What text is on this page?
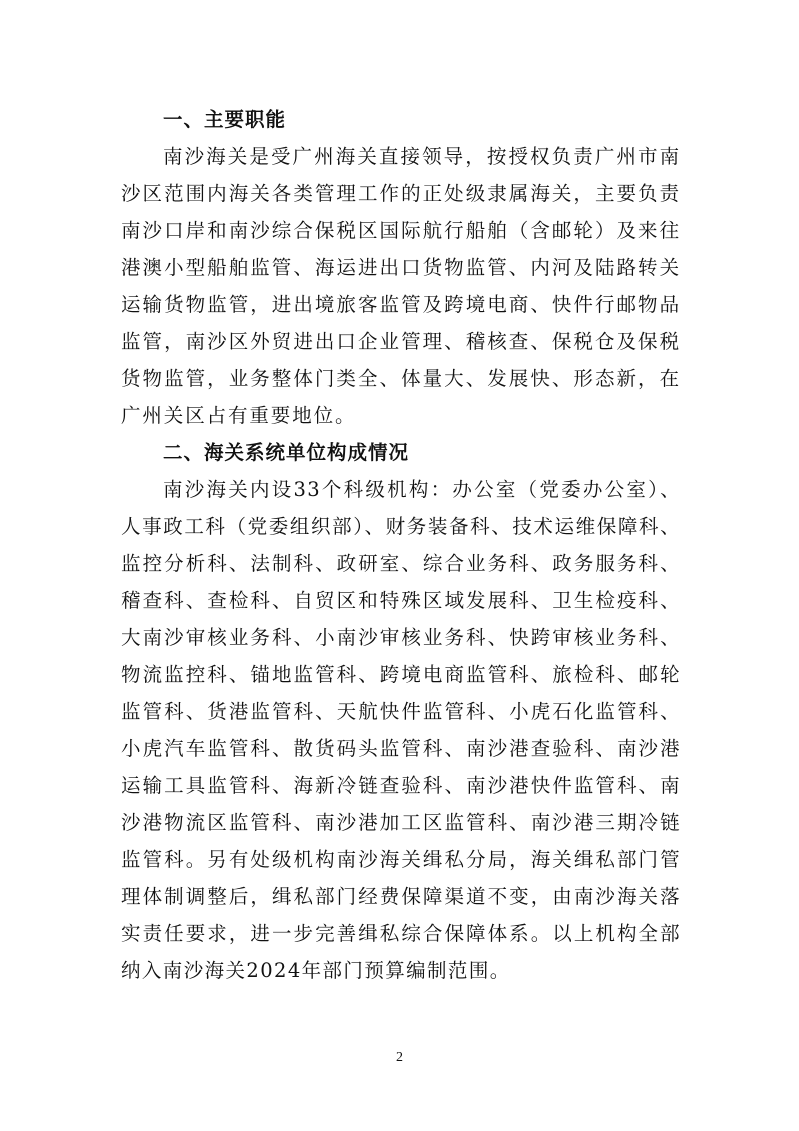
一、主要职能

南沙海关是受广州海关直接领导，按授权负责广州市南沙区范围内海关各类管理工作的正处级隶属海关，主要负责南沙口岸和南沙综合保税区国际航行船舶（含邮轮）及来往港澳小型船舶监管、海运进出口货物监管、内河及陆路转关运输货物监管，进出境旅客监管及跨境电商、快件行邮物品监管，南沙区外贸进出口企业管理、稽核查、保税仓及保税货物监管，业务整体门类全、体量大、发展快、形态新，在广州关区占有重要地位。

二、海关系统单位构成情况

南沙海关内设33个科级机构：办公室（党委办公室）、人事政工科（党委组织部）、财务装备科、技术运维保障科、监控分析科、法制科、政研室、综合业务科、政务服务科、稽查科、查检科、自贸区和特殊区域发展科、卫生检疫科、大南沙审核业务科、小南沙审核业务科、快跨审核业务科、物流监控科、锚地监管科、跨境电商监管科、旅检科、邮轮监管科、货港监管科、天航快件监管科、小虎石化监管科、小虎汽车监管科、散货码头监管科、南沙港查验科、南沙港运输工具监管科、海新冷链查验科、南沙港快件监管科、南沙港物流区监管科、南沙港加工区监管科、南沙港三期冷链监管科。另有处级机构南沙海关缉私分局，海关缉私部门管理体制调整后，缉私部门经费保障渠道不变，由南沙海关落实责任要求，进一步完善缉私综合保障体系。以上机构全部纳入南沙海关2024年部门预算编制范围。

2
